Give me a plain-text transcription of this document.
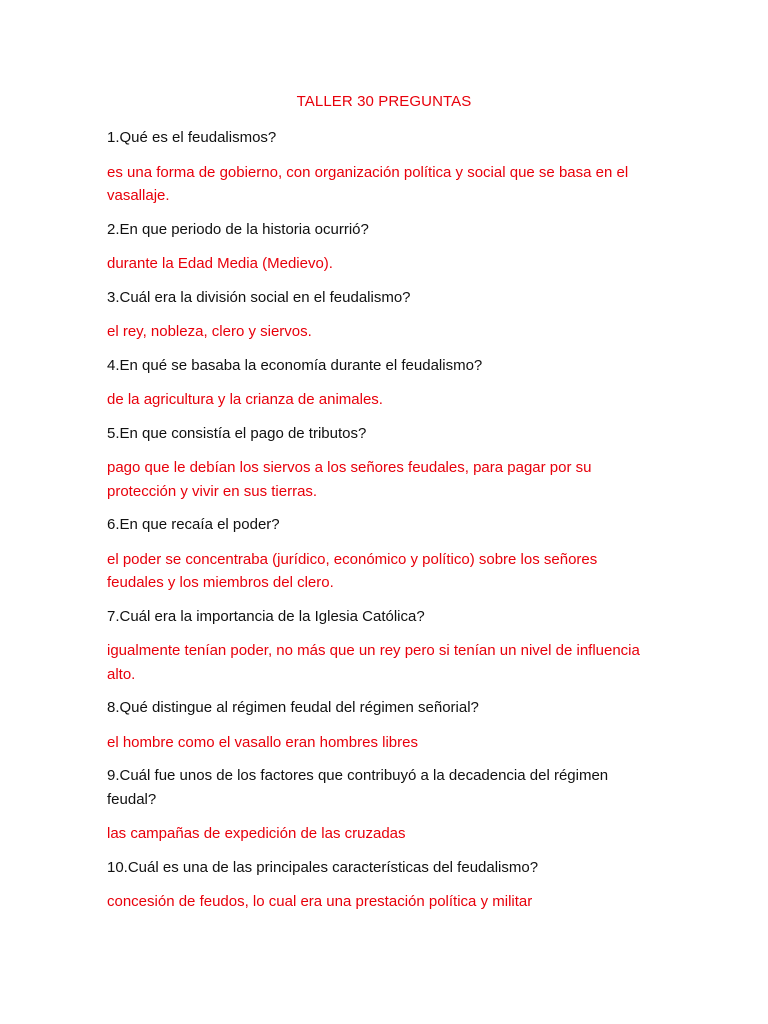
TALLER 30 PREGUNTAS

1.Qué es el feudalismos?

es una forma de gobierno, con organización política y social que se basa en el vasallaje.

2.En que periodo de la historia ocurrió?

durante la Edad Media (Medievo).

3.Cuál era la división social en el feudalismo?

el rey, nobleza, clero y siervos.

4.En qué se basaba la economía durante el feudalismo?

de la agricultura y la crianza de animales.

5.En que consistía el pago de tributos?

pago que le debían los siervos a los señores feudales, para pagar por su protección y vivir en sus tierras.

6.En que recaía el poder?

el poder se concentraba (jurídico, económico y político) sobre los señores feudales y los miembros del clero.

7.Cuál era la importancia de la Iglesia Católica?

igualmente tenían poder, no más que un rey pero si tenían un nivel de influencia alto.

8.Qué distingue al régimen feudal del régimen señorial?

el hombre como el vasallo eran hombres libres

9.Cuál fue unos de los factores que contribuyó a la decadencia del régimen feudal?

las campañas de expedición de las cruzadas

10.Cuál es una de las principales características del feudalismo?

concesión de feudos, lo cual era una prestación política y militar
